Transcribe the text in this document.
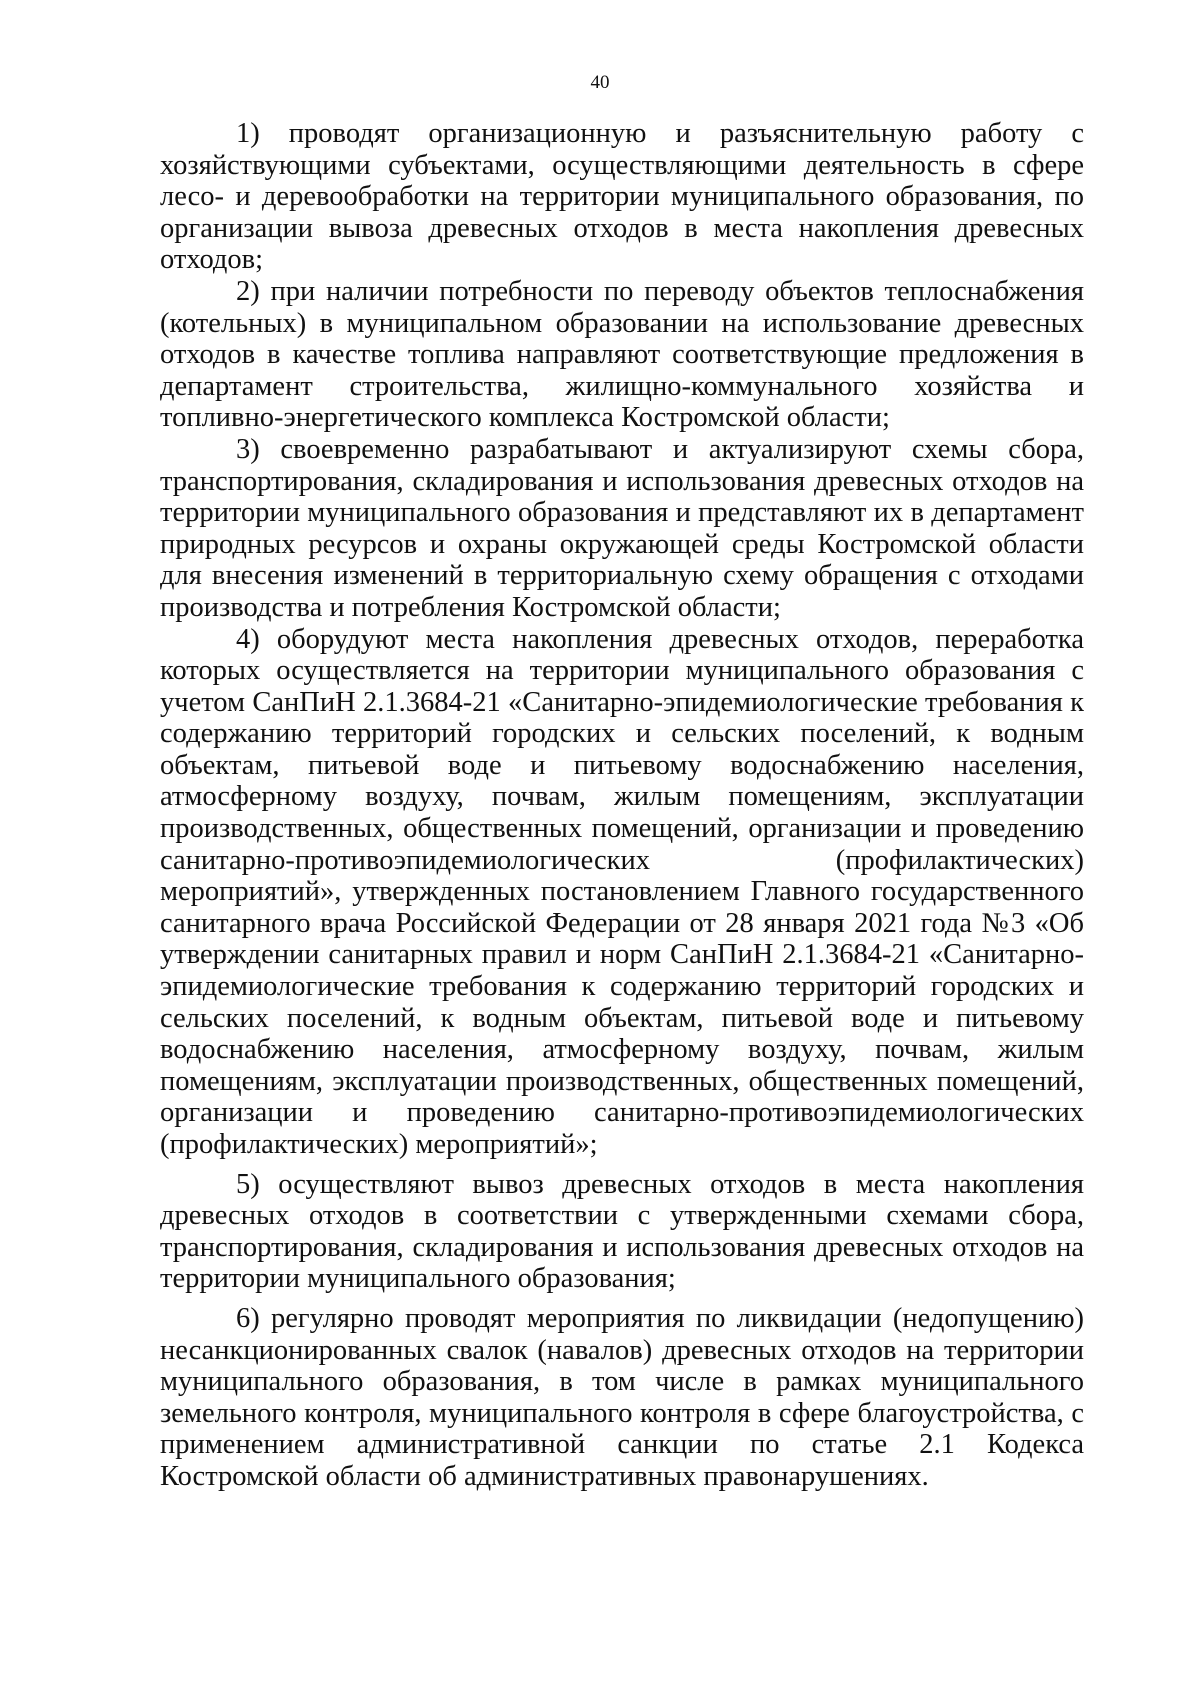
40

1) проводят организационную и разъяснительную работу с хозяйствующими субъектами, осуществляющими деятельность в сфере лесо- и деревообработки на территории муниципального образования, по организации вывоза древесных отходов в места накопления древесных отходов;

2) при наличии потребности по переводу объектов теплоснабжения (котельных) в муниципальном образовании на использование древесных отходов в качестве топлива направляют соответствующие предложения в департамент строительства, жилищно-коммунального хозяйства и топливно-энергетического комплекса Костромской области;

3) своевременно разрабатывают и актуализируют схемы сбора, транспортирования, складирования и использования древесных отходов на территории муниципального образования и представляют их в департамент природных ресурсов и охраны окружающей среды Костромской области для внесения изменений в территориальную схему обращения с отходами производства и потребления Костромской области;

4) оборудуют места накопления древесных отходов, переработка которых осуществляется на территории муниципального образования с учетом СанПиН 2.1.3684-21 «Санитарно-эпидемиологические требования к содержанию территорий городских и сельских поселений, к водным объектам, питьевой воде и питьевому водоснабжению населения, атмосферному воздуху, почвам, жилым помещениям, эксплуатации производственных, общественных помещений, организации и проведению санитарно-противоэпидемиологических (профилактических) мероприятий», утвержденных постановлением Главного государственного санитарного врача Российской Федерации от 28 января 2021 года №3 «Об утверждении санитарных правил и норм СанПиН 2.1.3684-21 «Санитарно-эпидемиологические требования к содержанию территорий городских и сельских поселений, к водным объектам, питьевой воде и питьевому водоснабжению населения, атмосферному воздуху, почвам, жилым помещениям, эксплуатации производственных, общественных помещений, организации и проведению санитарно-противоэпидемиологических (профилактических) мероприятий»;

5) осуществляют вывоз древесных отходов в места накопления древесных отходов в соответствии с утвержденными схемами сбора, транспортирования, складирования и использования древесных отходов на территории муниципального образования;

6) регулярно проводят мероприятия по ликвидации (недопущению) несанкционированных свалок (навалов) древесных отходов на территории муниципального образования, в том числе в рамках муниципального земельного контроля, муниципального контроля в сфере благоустройства, с применением административной санкции по статье 2.1 Кодекса Костромской области об административных правонарушениях.
